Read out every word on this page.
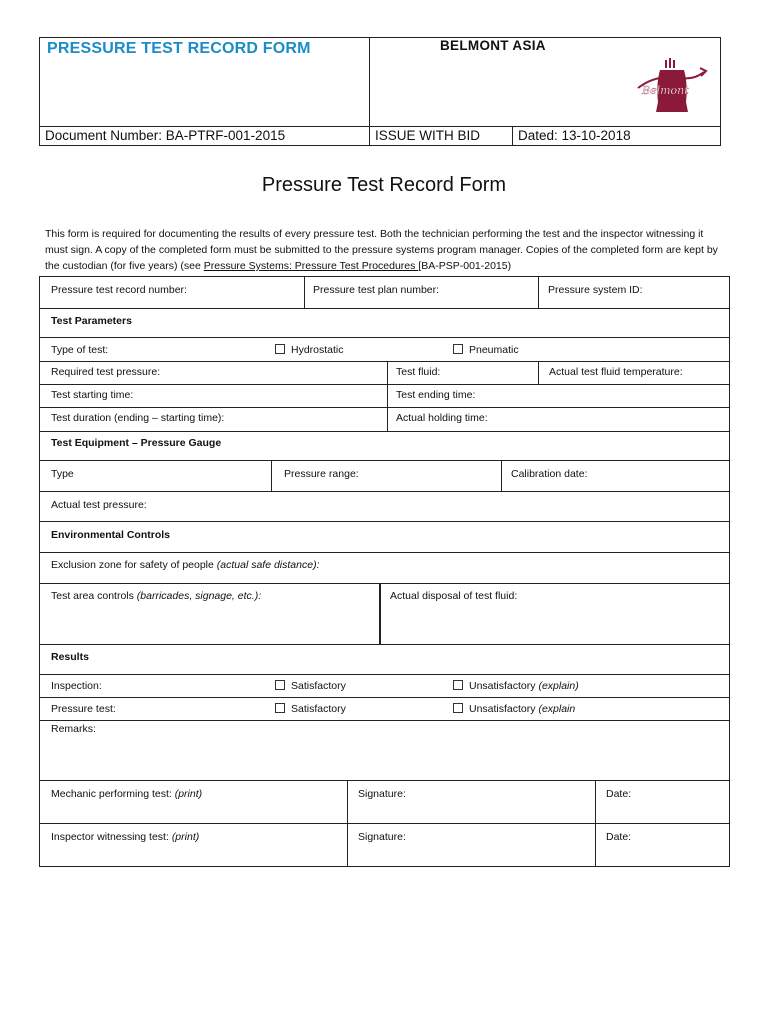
PRESSURE TEST RECORD FORM	BELMONT ASIA
Belmont
Document Number: BA-PTRF-001-2015	ISSUE WITH BID	Dated: 13-10-2018
Pressure Test Record Form
This form is required for documenting the results of every pressure test. Both the technician performing the test and the inspector witnessing it must sign. A copy of the completed form must be submitted to the pressure systems program manager. Copies of the completed form are kept by the custodian (for five years) (see Pressure Systems: Pressure Test Procedures [BA-PSP-001-2015)
Pressure test record number:	Pressure test plan number:	Pressure system ID:
Test Parameters
Type of test:	Hydrostatic	Pneumatic
Required test pressure:	Test fluid:	Actual test fluid temperature:
Test starting time:	Test ending time:
Test duration (ending – starting time):	Actual holding time:
Test Equipment – Pressure Gauge
Type	Pressure range:	Calibration date:
Actual test pressure:
Environmental Controls
Exclusion zone for safety of people (actual safe distance):
Test area controls (barricades, signage, etc.):	Actual disposal of test fluid:
Results
Inspection:	Satisfactory	Unsatisfactory (explain)
Pressure test:	Satisfactory	Unsatisfactory (explain
Remarks:
Mechanic performing test: (print)	Signature:	Date:
Inspector witnessing test: (print)	Signature:	Date:
